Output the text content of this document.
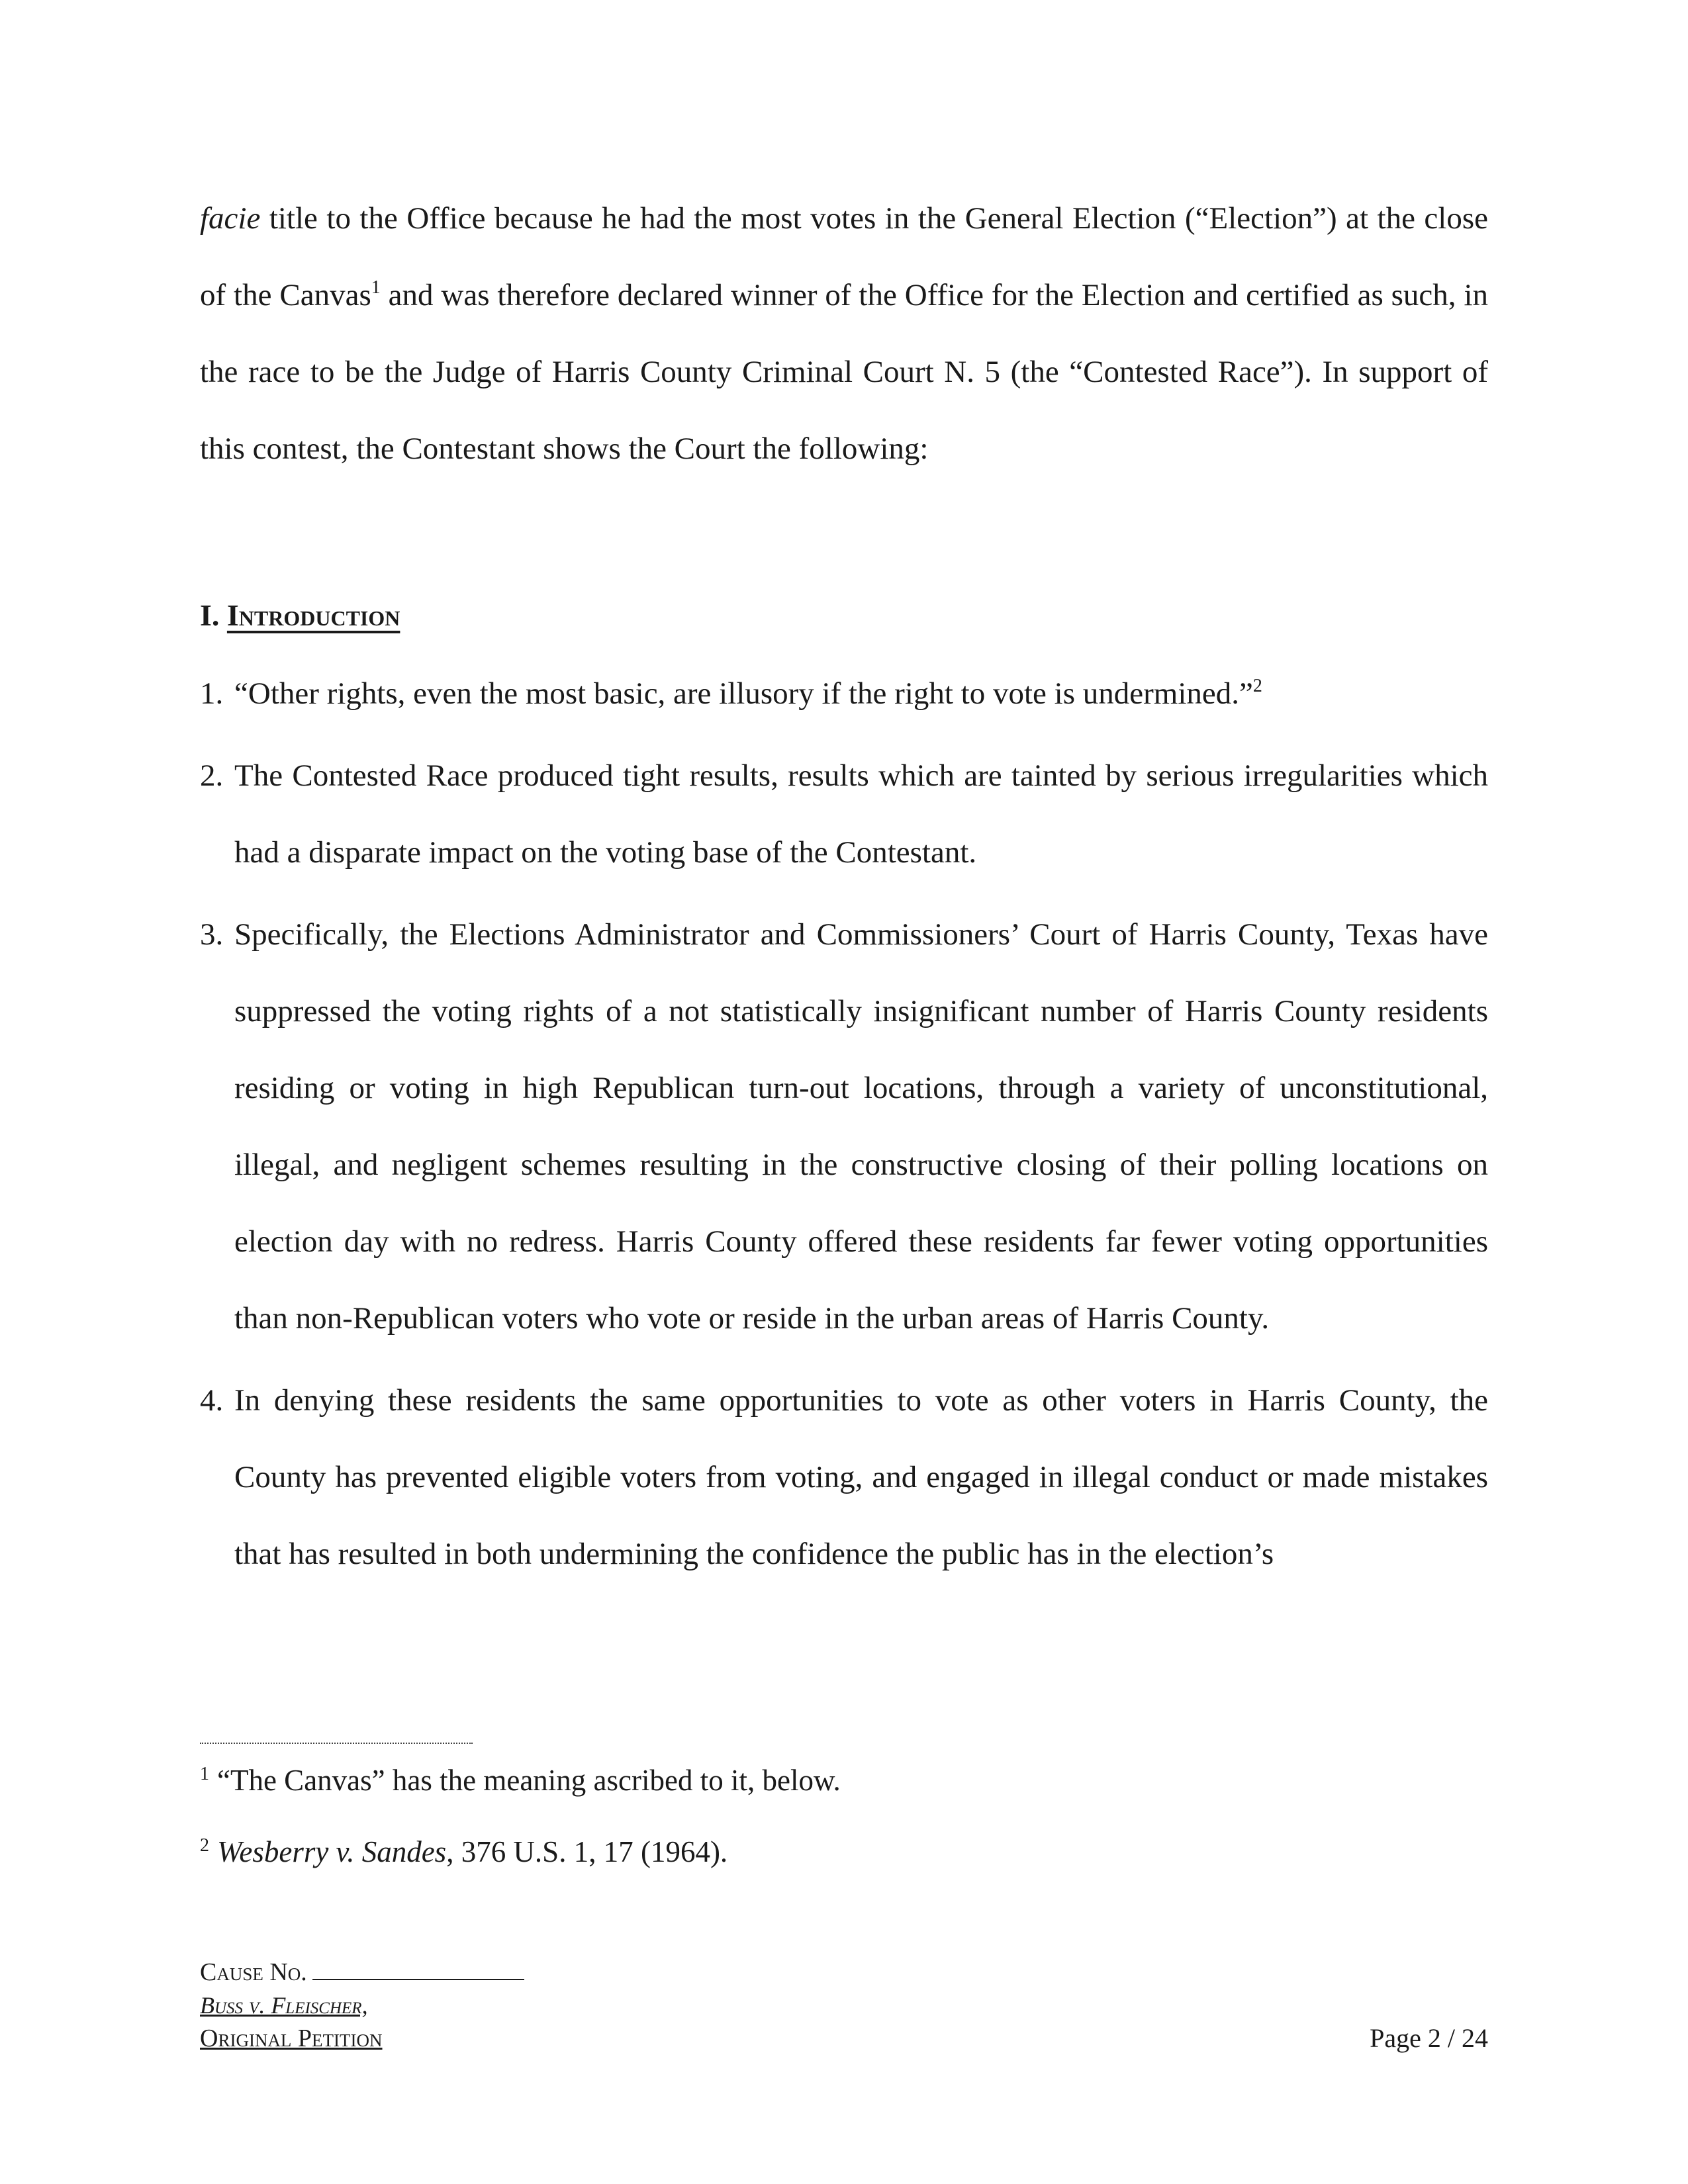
facie title to the Office because he had the most votes in the General Election (“Election”) at the close of the Canvas$^1$ and was therefore declared winner of the Office for the Election and certified as such, in the race to be the Judge of Harris County Criminal Court N. 5 (the “Contested Race”). In support of this contest, the Contestant shows the Court the following:
I. Introduction
1. “Other rights, even the most basic, are illusory if the right to vote is undermined.”$^2$
2. The Contested Race produced tight results, results which are tainted by serious irregularities which had a disparate impact on the voting base of the Contestant.
3. Specifically, the Elections Administrator and Commissioners’ Court of Harris County, Texas have suppressed the voting rights of a not statistically insignificant number of Harris County residents residing or voting in high Republican turn-out locations, through a variety of unconstitutional, illegal, and negligent schemes resulting in the constructive closing of their polling locations on election day with no redress. Harris County offered these residents far fewer voting opportunities than non-Republican voters who vote or reside in the urban areas of Harris County.
4. In denying these residents the same opportunities to vote as other voters in Harris County, the County has prevented eligible voters from voting, and engaged in illegal conduct or made mistakes that has resulted in both undermining the confidence the public has in the election’s

$^1$ “The Canvas” has the meaning ascribed to it, below.

$^2$ Wesberry v. Sandes, 376 U.S. 1, 17 (1964).

Cause No.
Buss v. Fleischer,
Original Petition	Page 2 / 24
